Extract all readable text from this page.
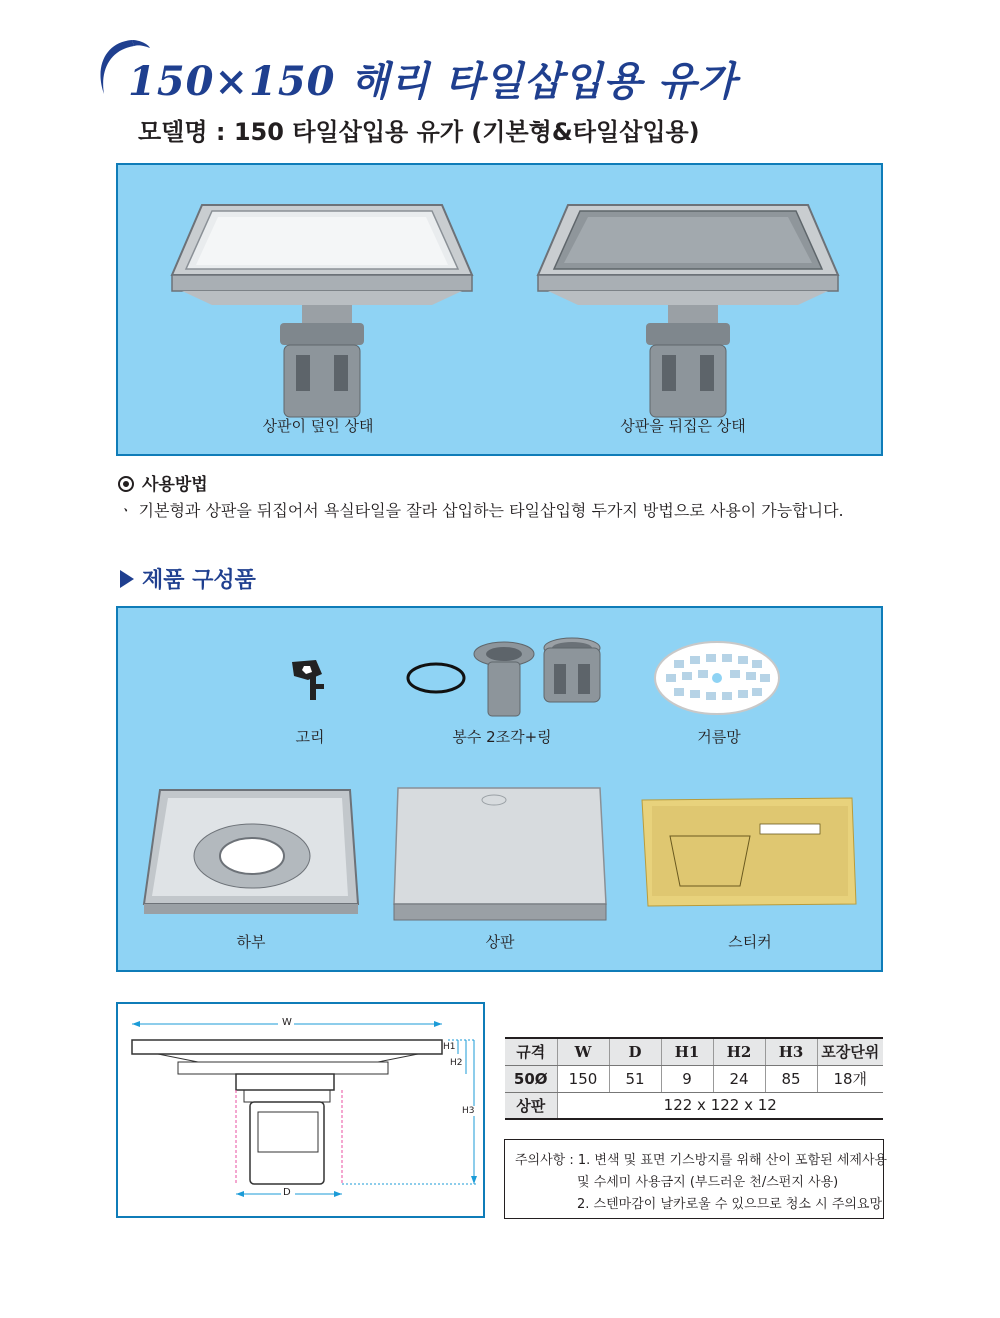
150×150 해리 타일삽입용 유가
모델명 : 150 타일삽입용 유가 (기본형&타일삽입용)
상판이 덮인 상태	상판을 뒤집은 상태
사용방법
ㆍ 기본형과 상판을 뒤집어서 욕실타일을 잘라 삽입하는 타일삽입형 두가지 방법으로 사용이 가능합니다.
제품 구성품
고리	봉수 2조각+링	거름망
하부	상판	스티커
W
D
H1
H2
H3
규격	W	D	H1	H2	H3	포장단위
50Ø	150	51	9	24	85	18개
상판	122 x 122 x 12					
주의사항 : 1. 변색 및 표면 기스방지를 위해 산이 포함된 세제사용
및 수세미 사용금지 (부드러운 천/스펀지 사용)
2. 스텐마감이 날카로울 수 있으므로 청소 시 주의요망
